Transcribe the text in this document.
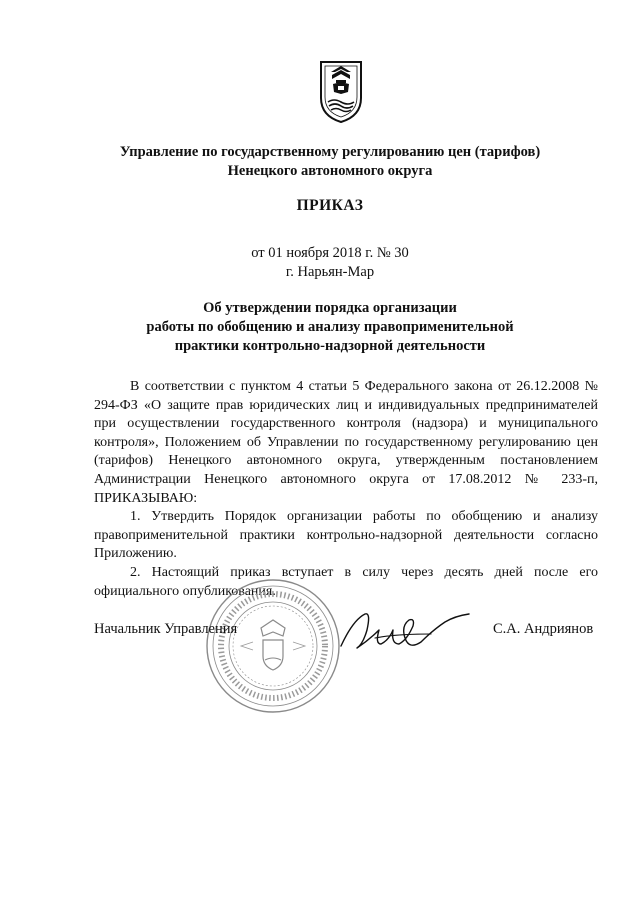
Управление по государственному регулированию цен (тарифов)
Ненецкого автономного округа
ПРИКАЗ
от 01 ноября 2018 г. № 30
г. Нарьян-Мар
Об утверждении порядка организации
работы по обобщению и анализу правоприменительной
практики контрольно-надзорной деятельности

В соответствии с пунктом 4 статьи 5 Федерального закона от 26.12.2008 № 294-ФЗ «О защите прав юридических лиц и индивидуальных предпринимателей при осуществлении государственного контроля (надзора) и муниципального контроля», Положением об Управлении по государственному регулированию цен (тарифов) Ненецкого автономного округа, утвержденным постановлением Администрации Ненецкого автономного округа от 17.08.2012 № 233-п, ПРИКАЗЫВАЮ:

1. Утвердить Порядок организации работы по обобщению и анализу правоприменительной практики контрольно-надзорной деятельности согласно Приложению.

2. Настоящий приказ вступает в силу через десять дней после его официального опубликования.

Начальник Управления	С.А. Андриянов
